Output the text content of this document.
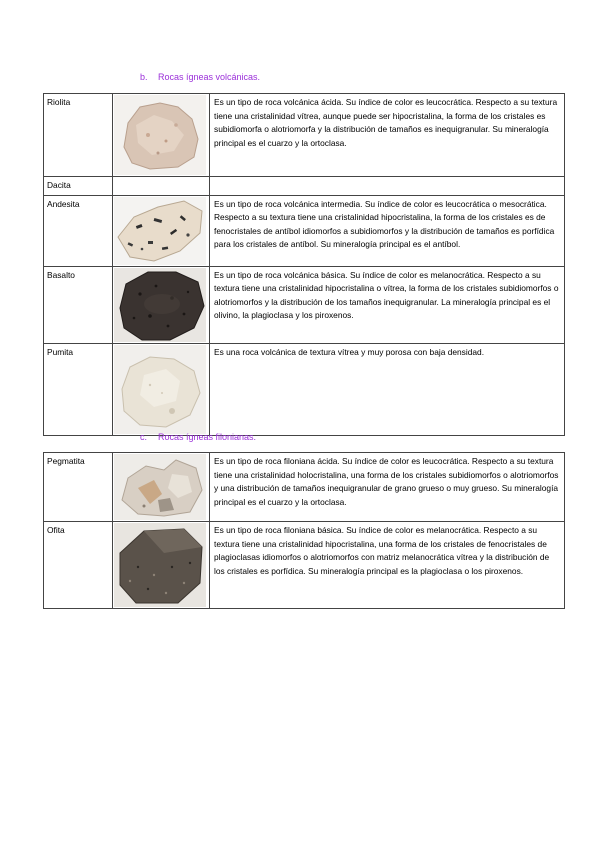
b. Rocas ígneas volcánicas.
Riolita		Es un tipo de roca volcánica ácida. Su índice de color es leucocrática. Respecto a su textura tiene una cristalinidad vítrea, aunque puede ser hipocristalina, la forma de los cristales es subidiomorfa o alotriomorfa y la distribución de tamaños es inequigranular. Su mineralogía principal es el cuarzo y la ortoclasa.
Dacita		
Andesita		Es un tipo de roca volcánica intermedia. Su índice de color es leucocrática o mesocrática. Respecto a su textura tiene una cristalinidad hipocristalina, la forma de los cristales es de fenocristales de antíbol idiomorfos a subidiomorfos y la distribución de tamaños es porfídica para los cristales de antíbol. Su mineralogía principal es el antíbol.
Basalto		Es un tipo de roca volcánica básica. Su índice de color es melanocrática. Respecto a su textura tiene una cristalinidad hipocristalina o vítrea, la forma de los cristales subidiomorfos o alotriomorfos y la distribución de los tamaños inequigranular. La mineralogía principal es el olivino, la plagioclasa y los piroxenos.
Pumita		Es una roca volcánica de textura vítrea y muy porosa con baja densidad.
c. Rocas ígneas filonianas.
Pegmatita		Es un tipo de roca filoniana ácida. Su índice de color es leucocrática. Respecto a su textura tiene una cristalinidad holocristalina, una forma de los cristales subidiomorfos o alotriomorfos y una distribución de tamaños inequigranular de grano grueso o muy grueso. Su mineralogía principal es el cuarzo y la ortoclasa.
Ofita		Es un tipo de roca filoniana básica. Su índice de color es melanocrática. Respecto a su textura tiene una cristalinidad hipocristalina, una forma de los cristales de fenocristales de plagioclasas idiomorfos o alotriomorfos con matriz melanocrática vítrea y la distribución de los cristales es porfídica. Su mineralogía principal es la plagioclasa o los piroxenos.
